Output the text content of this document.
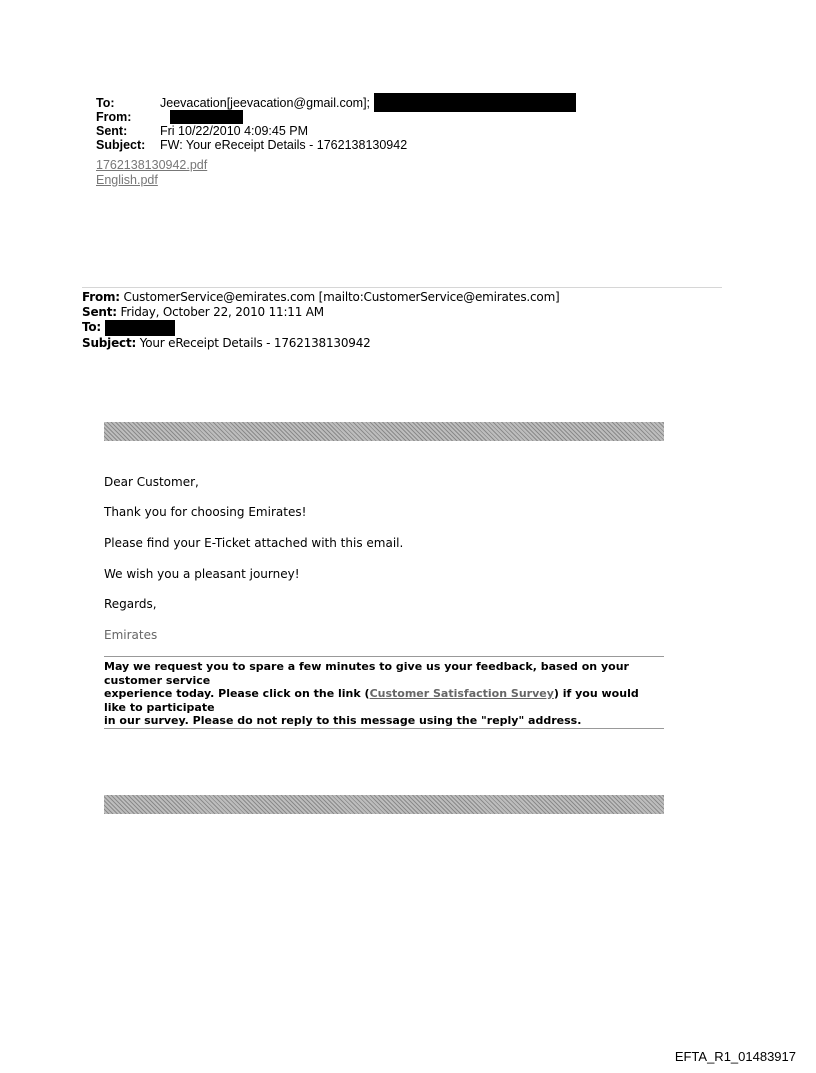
To:	Jeevacation[jeevacation@gmail.com];
From:
Sent:	Fri 10/22/2010 4:09:45 PM
Subject: FW: Your eReceipt Details - 1762138130942
1762138130942.pdf
English.pdf
From: CustomerService@emirates.com [mailto:CustomerService@emirates.com]
Sent: Friday, October 22, 2010 11:11 AM
To:
Subject: Your eReceipt Details - 1762138130942
Dear Customer,
Thank you for choosing Emirates!
Please find your E-Ticket attached with this email.
We wish you a pleasant journey!
Regards,
Emirates
May we request you to spare a few minutes to give us your feedback, based on your
customer service
experience today. Please click on the link (Customer Satisfaction Survey) if you would
like to participate
in our survey. Please do not reply to this message using the "reply" address.
EFTA_R1_01483917
